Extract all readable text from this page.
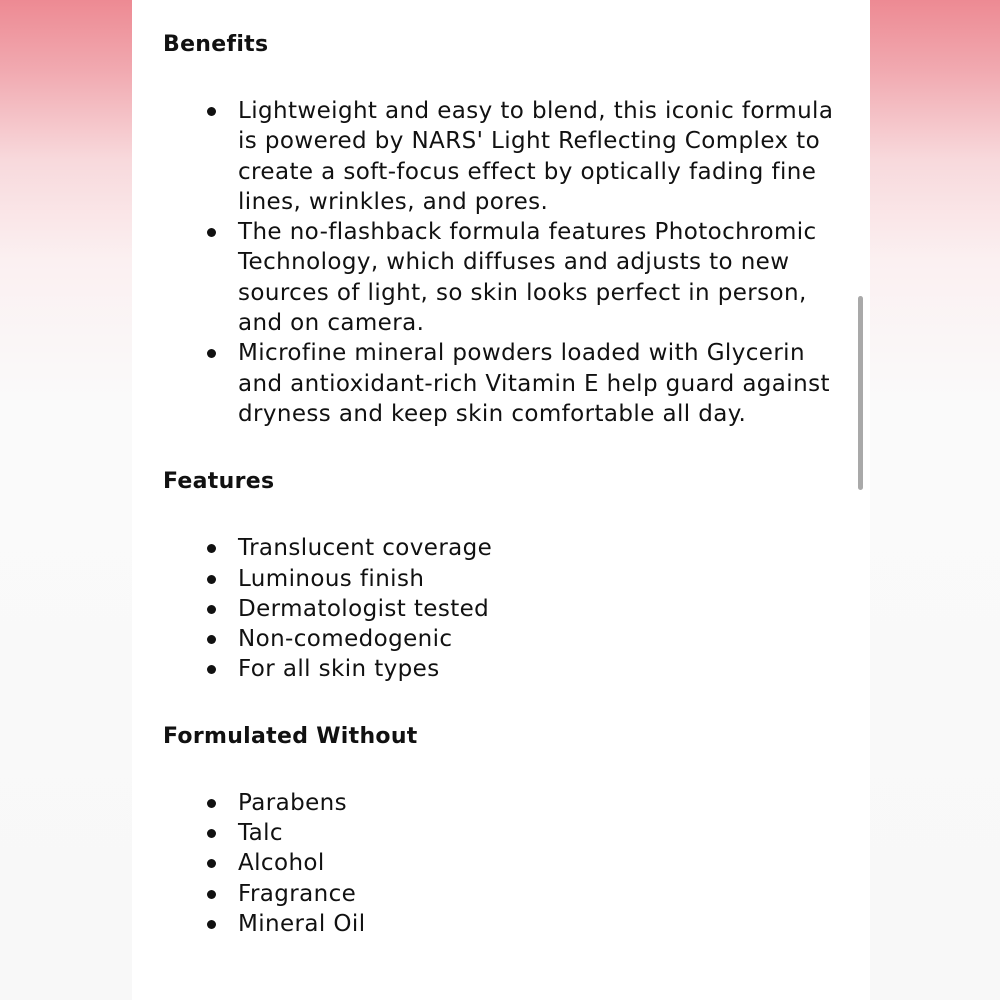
Benefits
Lightweight and easy to blend, this iconic formula is powered by NARS' Light Reflecting Complex to create a soft-focus effect by optically fading fine lines, wrinkles, and pores.
The no-flashback formula features Photochromic Technology, which diffuses and adjusts to new sources of light, so skin looks perfect in person, and on camera.
Microfine mineral powders loaded with Glycerin and antioxidant-rich Vitamin E help guard against dryness and keep skin comfortable all day.
Features
Translucent coverage
Luminous finish
Dermatologist tested
Non-comedogenic
For all skin types
Formulated Without
Parabens
Talc
Alcohol
Fragrance
Mineral Oil
